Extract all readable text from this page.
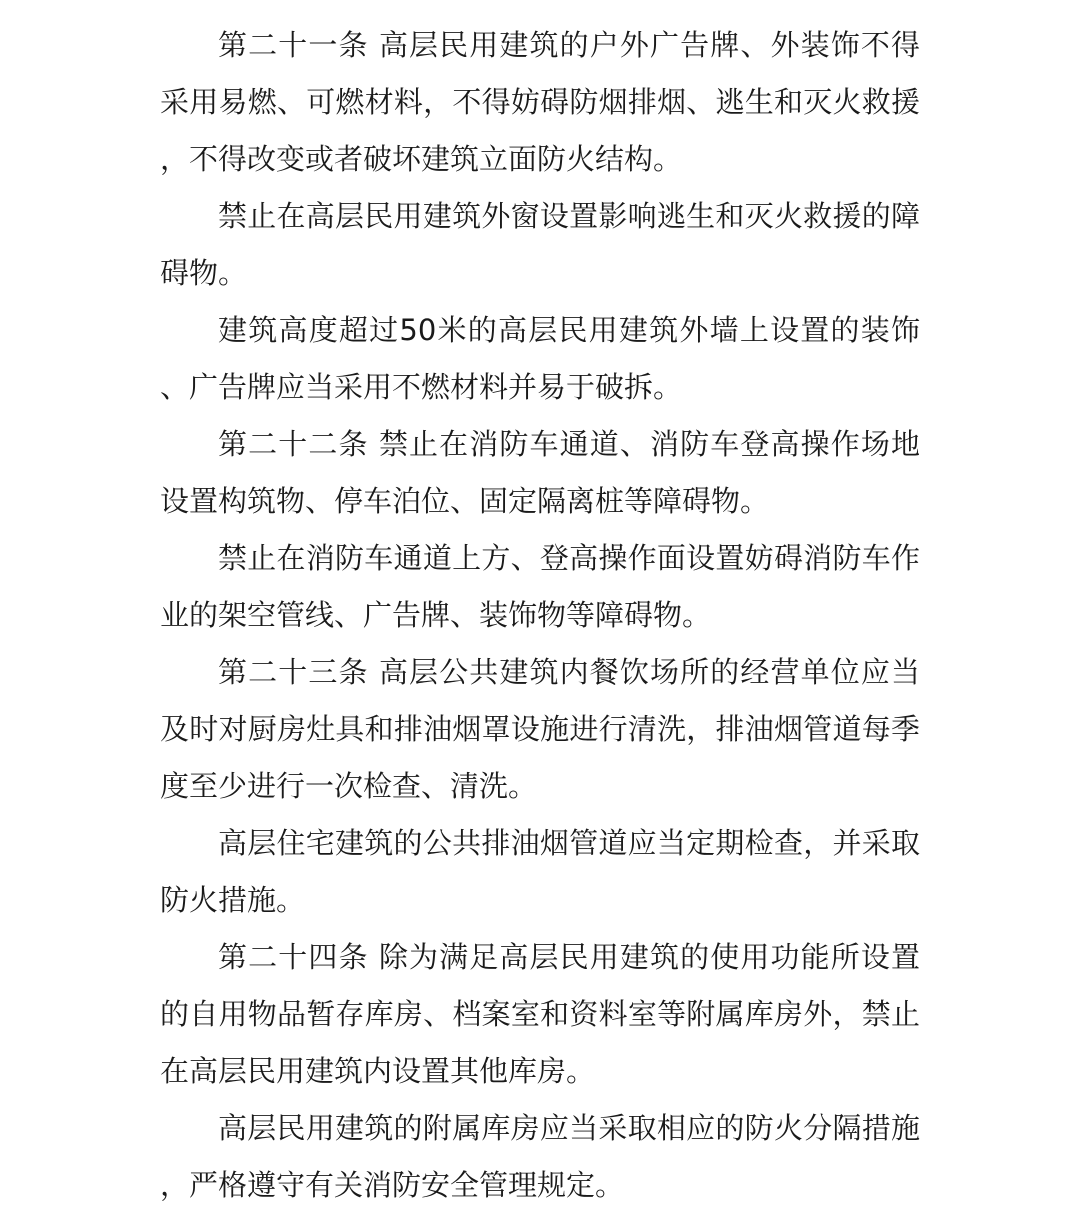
第二十一条 高层民用建筑的户外广告牌、外装饰不得采用易燃、可燃材料，不得妨碍防烟排烟、逃生和灭火救援，不得改变或者破坏建筑立面防火结构。

禁止在高层民用建筑外窗设置影响逃生和灭火救援的障碍物。

建筑高度超过50米的高层民用建筑外墙上设置的装饰、广告牌应当采用不燃材料并易于破拆。

第二十二条 禁止在消防车通道、消防车登高操作场地设置构筑物、停车泊位、固定隔离桩等障碍物。

禁止在消防车通道上方、登高操作面设置妨碍消防车作业的架空管线、广告牌、装饰物等障碍物。

第二十三条 高层公共建筑内餐饮场所的经营单位应当及时对厨房灶具和排油烟罩设施进行清洗，排油烟管道每季度至少进行一次检查、清洗。

高层住宅建筑的公共排油烟管道应当定期检查，并采取防火措施。

第二十四条 除为满足高层民用建筑的使用功能所设置的自用物品暂存库房、档案室和资料室等附属库房外，禁止在高层民用建筑内设置其他库房。

高层民用建筑的附属库房应当采取相应的防火分隔措施，严格遵守有关消防安全管理规定。
